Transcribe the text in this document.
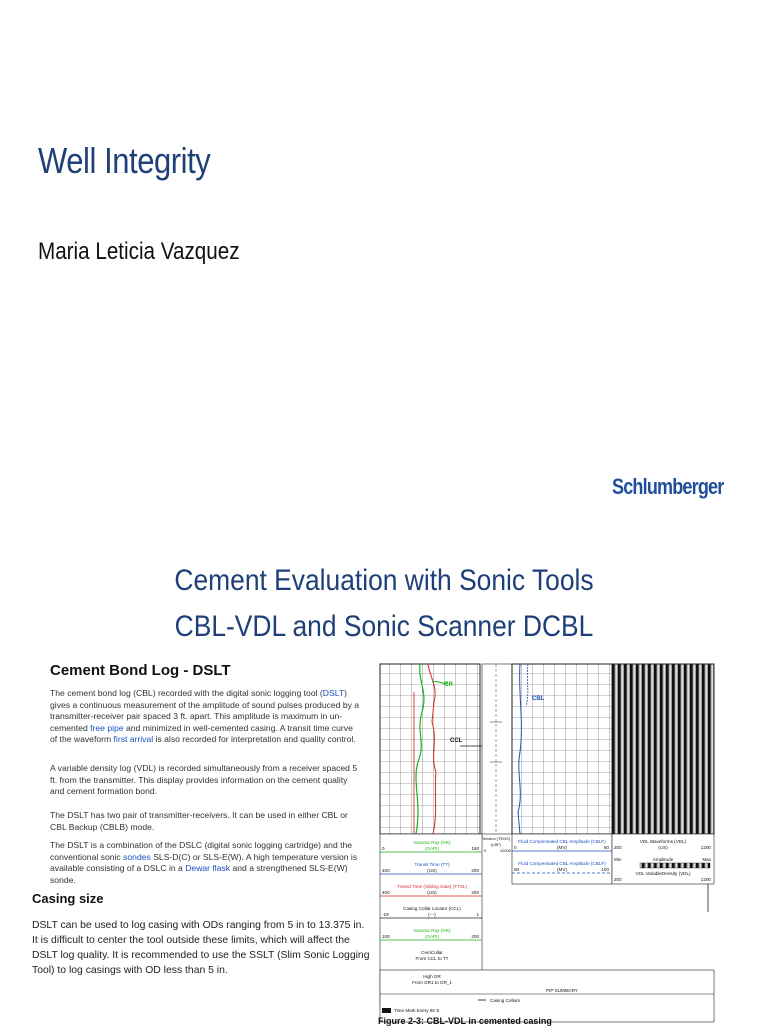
Well Integrity
Maria Leticia Vazquez
Schlumberger
Cement Evaluation with Sonic Tools
CBL-VDL and Sonic Scanner DCBL
Cement Bond Log - DSLT
The cement bond log (CBL) recorded with the digital sonic logging tool (DSLT) gives a continuous measurement of the amplitude of sound pulses produced by a transmitter-receiver pair spaced 3 ft. apart. This amplitude is maximum in un-cemented free pipe and minimized in well-cemented casing. A transit time curve of the waveform first arrival is also recorded for interpretation and quality control.
A variable density log (VDL) is recorded simultaneously from a receiver spaced 5 ft. from the transmitter. This display provides information on the cement quality and cement formation bond.
The DSLT has two pair of transmitter-receivers. It can be used in either CBL or CBL Backup (CBLB) mode.
The DSLT is a combination of the DSLC (digital sonic logging cartridge) and the conventional sonic sondes SLS-D(C) or SLS-E(W). A high temperature version is available consisting of a DSLC in a Dewar flask and a strengthened SLS-E(W) sonde.
Casing size
DSLT can be used to log casing with ODs ranging from 5 in to 13.375 in. It is difficult to center the tool outside these limits, which will affect the DSLT log quality. It is recommended to use the SSLT (Slim Sonic Logging Tool) to log casings with OD less than 5 in.
GR
CCL
CBL
Gamma Ray (GR)
(GAPI)
0	150
Transit Time (TT)
(US)
400	200
Transit Time (Sliding Gate) (TTSL)
(US)
400	200
Casing Collar Locator (CCL)
(---)
-19	1
Gamma Ray (GR)
(GAPI)
100	200
CemCollar
From CCL to TT
Tension (TENS)
(LBF)
0	10000
Fluid Compensated CBL Amplitude (CBLF)
(MV)
0	50
Fluid Compensated CBL Amplitude (CBLF)
(MV)
50	100
VDL Waveforms (VDL)
(US)
200	1200
Min	Amplitude	Max
VDL VariableDensity (VDL)
200	1200
High GR
From GR1 to GR_1
PIP SUMMARY
Casing Collars
Time Mark Every 60 S
Figure 2-3: CBL-VDL in cemented casing
